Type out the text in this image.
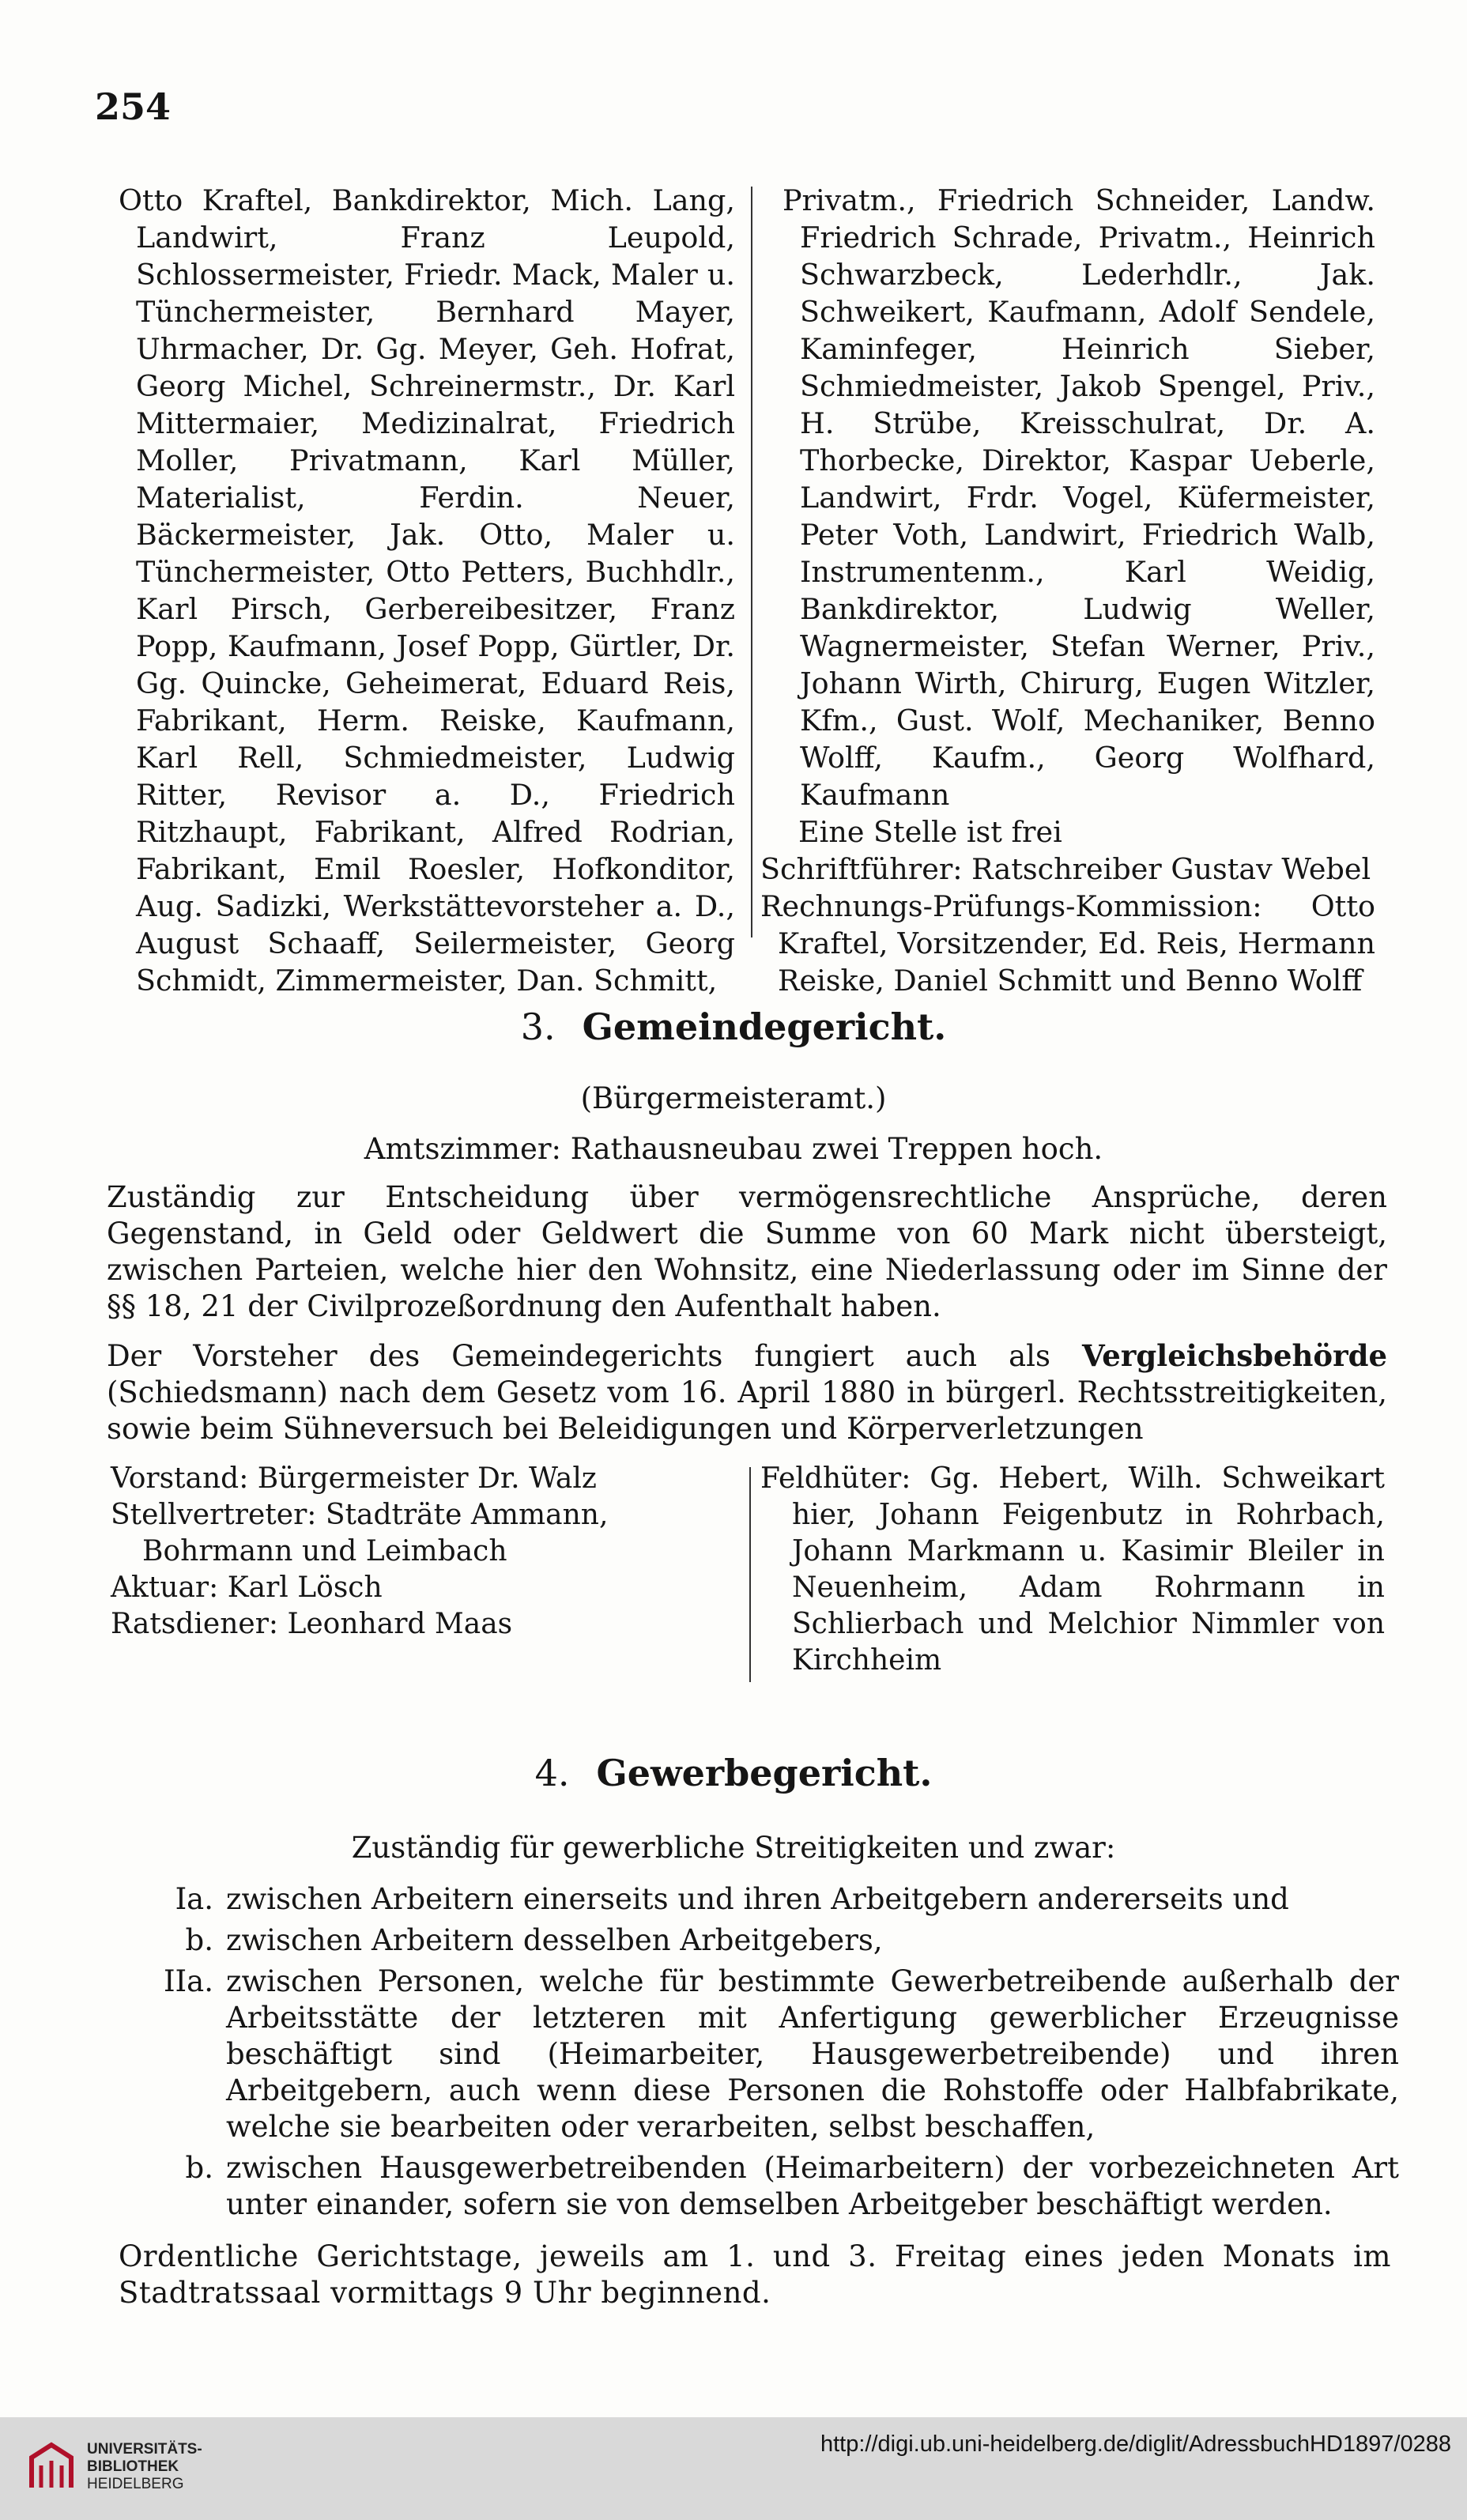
254

Otto Kraftel, Bankdirektor, Mich. Lang, Landwirt, Franz Leupold, Schlossermeister, Friedr. Mack, Maler u. Tünchermeister, Bernhard Mayer, Uhrmacher, Dr. Gg. Meyer, Geh. Hofrat, Georg Michel, Schreinermstr., Dr. Karl Mittermaier, Medizinalrat, Friedrich Moller, Privatmann, Karl Müller, Materialist, Ferdin. Neuer, Bäckermeister, Jak. Otto, Maler u. Tünchermeister, Otto Petters, Buchhdlr., Karl Pirsch, Gerbereibesitzer, Franz Popp, Kaufmann, Josef Popp, Gürtler, Dr. Gg. Quincke, Geheimerat, Eduard Reis, Fabrikant, Herm. Reiske, Kaufmann, Karl Rell, Schmiedmeister, Ludwig Ritter, Revisor a. D., Friedrich Ritzhaupt, Fabrikant, Alfred Rodrian, Fabrikant, Emil Roesler, Hofkonditor, Aug. Sadizki, Werkstättevorsteher a. D., August Schaaff, Seilermeister, Georg Schmidt, Zimmermeister, Dan. Schmitt,

Privatm., Friedrich Schneider, Landw. Friedrich Schrade, Privatm., Heinrich Schwarzbeck, Lederhdlr., Jak. Schweikert, Kaufmann, Adolf Sendele, Kaminfeger, Heinrich Sieber, Schmiedmeister, Jakob Spengel, Priv., H. Strübe, Kreisschulrat, Dr. A. Thorbecke, Direktor, Kaspar Ueberle, Landwirt, Frdr. Vogel, Küfermeister, Peter Voth, Landwirt, Friedrich Walb, Instrumentenm., Karl Weidig, Bankdirektor, Ludwig Weller, Wagnermeister, Stefan Werner, Priv., Johann Wirth, Chirurg, Eugen Witzler, Kfm., Gust. Wolf, Mechaniker, Benno Wolff, Kaufm., Georg Wolfhard, Kaufmann

Eine Stelle ist frei

Schriftführer: Ratschreiber Gustav Webel

Rechnungs-Prüfungs-Kommission: Otto Kraftel, Vorsitzender, Ed. Reis, Hermann Reiske, Daniel Schmitt und Benno Wolff

3. Gemeindegericht.
(Bürgermeisteramt.)
Amtszimmer: Rathausneubau zwei Treppen hoch.

Zuständig zur Entscheidung über vermögensrechtliche Ansprüche, deren Gegenstand, in Geld oder Geldwert die Summe von 60 Mark nicht übersteigt, zwischen Parteien, welche hier den Wohnsitz, eine Niederlassung oder im Sinne der §§ 18, 21 der Civilprozeßordnung den Aufenthalt haben.

Der Vorsteher des Gemeindegerichts fungiert auch als Vergleichsbehörde (Schiedsmann) nach dem Gesetz vom 16. April 1880 in bürgerl. Rechtsstreitigkeiten, sowie beim Sühneversuch bei Beleidigungen und Körperverletzungen

Vorstand: Bürgermeister Dr. Walz

Stellvertreter: Stadträte Ammann, Bohrmann und Leimbach

Aktuar: Karl Lösch

Ratsdiener: Leonhard Maas

Feldhüter: Gg. Hebert, Wilh. Schweikart hier, Johann Feigenbutz in Rohrbach, Johann Markmann u. Kasimir Bleiler in Neuenheim, Adam Rohrmann in Schlierbach und Melchior Nimmler von Kirchheim

4. Gewerbegericht.
Zuständig für gewerbliche Streitigkeiten und zwar:
Ia. zwischen Arbeitern einerseits und ihren Arbeitgebern andererseits und
b. zwischen Arbeitern desselben Arbeitgebers,
IIa. zwischen Personen, welche für bestimmte Gewerbetreibende außerhalb der Arbeitsstätte der letzteren mit Anfertigung gewerblicher Erzeugnisse beschäftigt sind (Heimarbeiter, Hausgewerbetreibende) und ihren Arbeitgebern, auch wenn diese Personen die Rohstoffe oder Halbfabrikate, welche sie bearbeiten oder verarbeiten, selbst beschaffen,
b. zwischen Hausgewerbetreibenden (Heimarbeitern) der vorbezeichneten Art unter einander, sofern sie von demselben Arbeitgeber beschäftigt werden.

Ordentliche Gerichtstage, jeweils am 1. und 3. Freitag eines jeden Monats im Stadtratssaal vormittags 9 Uhr beginnend.

UNIVERSITÄTS-
BIBLIOTHEK
HEIDELBERG
http://digi.ub.uni-heidelberg.de/diglit/AdressbuchHD1897/0288
